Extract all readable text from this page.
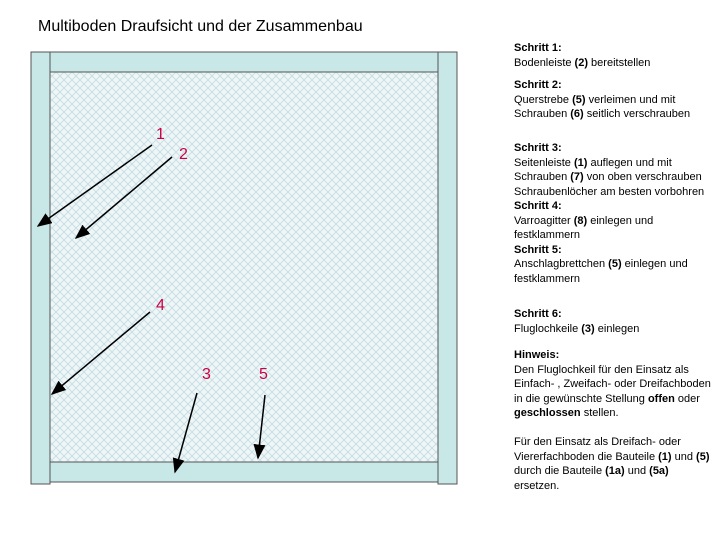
Multiboden Draufsicht und der Zusammenbau
1
2
4
3	5
Schritt 1:
Bodenleiste (2) bereitstellen
Schritt 2:
Querstrebe (5) verleimen und mit Schrauben (6) seitlich verschrauben
Schritt 3:
Seitenleiste (1) auflegen und mit Schrauben (7) von oben verschrauben Schraubenlöcher am besten vorbohren
Schritt 4:
Varroagitter (8) einlegen und festklammern
Schritt 5:
Anschlagbrettchen (5) einlegen und festklammern
Schritt 6:
Fluglochkeile (3) einlegen
Hinweis:
Den Fluglochkeil für den Einsatz als Einfach- , Zweifach- oder Dreifachboden in die gewünschte Stellung offen oder geschlossen stellen.
Für den Einsatz als Dreifach- oder Viererfachboden die Bauteile (1) und (5) durch die Bauteile (1a) und (5a) ersetzen.
